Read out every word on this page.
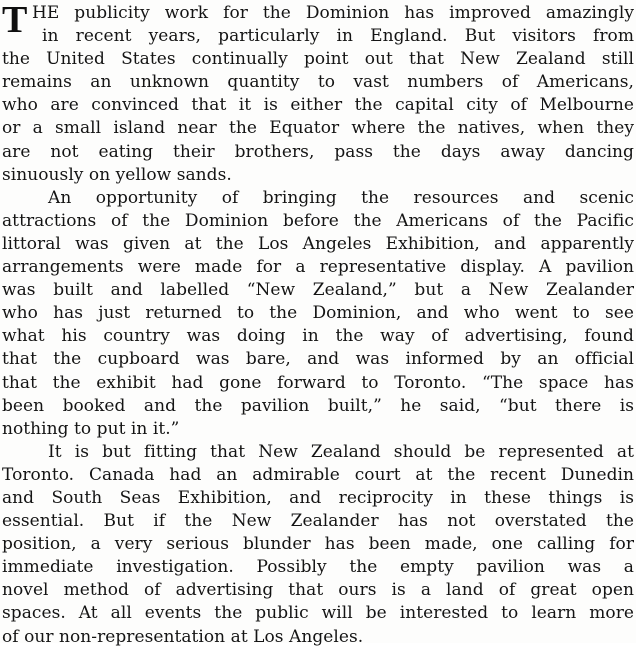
T HE publicity work for the Dominion has improved amazingly
in recent years, particularly in England. But visitors from
the United States continually point out that New Zealand still
remains an unknown quantity to vast numbers of Americans,
who are convinced that it is either the capital city of Melbourne
or a small island near the Equator where the natives, when they
are not eating their brothers, pass the days away dancing
sinuously on yellow sands.
An opportunity of bringing the resources and scenic
attractions of the Dominion before the Americans of the Pacific
littoral was given at the Los Angeles Exhibition, and apparently
arrangements were made for a representative display. A pavilion
was built and labelled “New Zealand,” but a New Zealander
who has just returned to the Dominion, and who went to see
what his country was doing in the way of advertising, found
that the cupboard was bare, and was informed by an official
that the exhibit had gone forward to Toronto. “The space has
been booked and the pavilion built,” he said, “but there is
nothing to put in it.”
It is but fitting that New Zealand should be represented at
Toronto. Canada had an admirable court at the recent Dunedin
and South Seas Exhibition, and reciprocity in these things is
essential. But if the New Zealander has not overstated the
position, a very serious blunder has been made, one calling for
immediate investigation. Possibly the empty pavilion was a
novel method of advertising that ours is a land of great open
spaces. At all events the public will be interested to learn more
of our non-representation at Los Angeles.
